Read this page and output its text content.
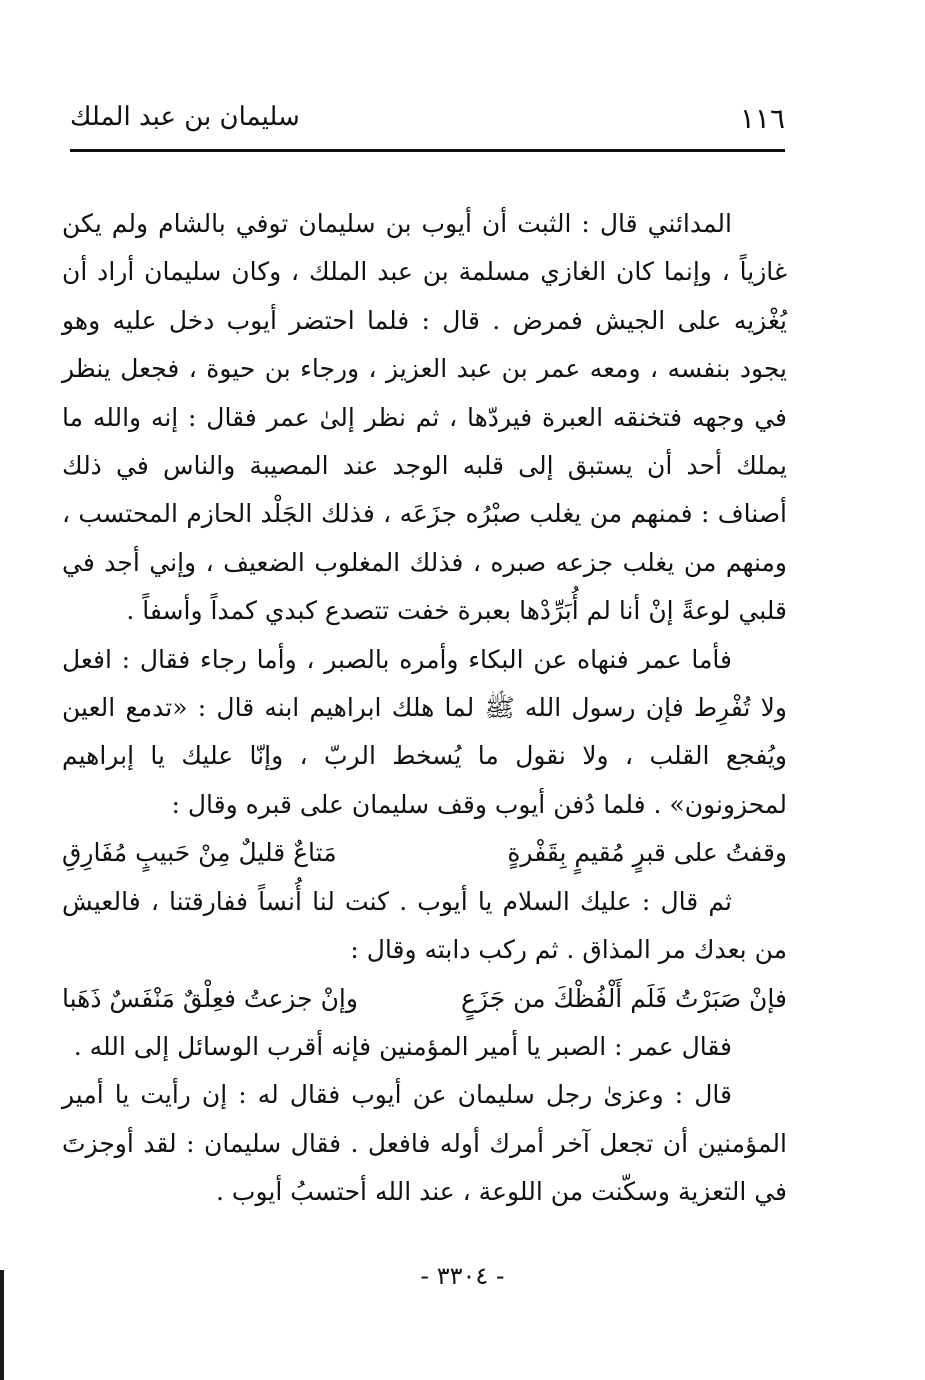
١١٦
سليمان بن عبد الملك

المدائني قال : الثبت أن أيوب بن سليمان توفي بالشام ولم يكن غازياً ، وإنما كان الغازي مسلمة بن عبد الملك ، وكان سليمان أراد أن يُغْزيه على الجيش فمرض . قال : فلما احتضر أيوب دخل عليه وهو يجود بنفسه ، ومعه عمر بن عبد العزيز ، ورجاء بن حيوة ، فجعل ينظر في وجهه فتخنقه العبرة فيردّها ، ثم نظر إلىٰ عمر فقال : إنه والله ما يملك أحد أن يستبق إلى قلبه الوجد عند المصيبة والناس في ذلك أصناف : فمنهم من يغلب صبْرُه جزَعَه ، فذلك الجَلْد الحازم المحتسب ، ومنهم من يغلب جزعه صبره ، فذلك المغلوب الضعيف ، وإني أجد في قلبي لوعةً إنْ أنا لم أُبَرِّدْها بعبرة خفت تتصدع كبدي كمداً وأسفاً .

فأما عمر فنهاه عن البكاء وأمره بالصبر ، وأما رجاء فقال : افعل ولا تُفْرِط فإن رسول الله ﷺ لما هلك ابراهيم ابنه قال : «تدمع العين ويُفجع القلب ، ولا نقول ما يُسخط الربّ ، وإنّا عليك يا إبراهيم لمحزونون» . فلما دُفن أيوب وقف سليمان على قبره وقال :

وقفتُ على قبرٍ مُقيمٍ بِقَفْرةٍ
مَتاعٌ قليلٌ مِنْ حَبيبٍ مُفَارِقِ

ثم قال : عليك السلام يا أيوب . كنت لنا أُنساً ففارقتنا ، فالعيش من بعدك مر المذاق . ثم ركب دابته وقال :

فإنْ صَبَرْتُ فَلَم أَلْفُظْكَ من جَزَعٍ
وإنْ جزعتُ فعِلْقٌ مَنْفَسٌ ذَهَبا

فقال عمر : الصبر يا أمير المؤمنين فإنه أقرب الوسائل إلى الله .

قال : وعزىٰ رجل سليمان عن أيوب فقال له : إن رأيت يا أمير المؤمنين أن تجعل آخر أمرك أوله فافعل . فقال سليمان : لقد أوجزتَ في التعزية وسكّنت من اللوعة ، عند الله أحتسبُ أيوب .

- ٣٣٠٤ -
